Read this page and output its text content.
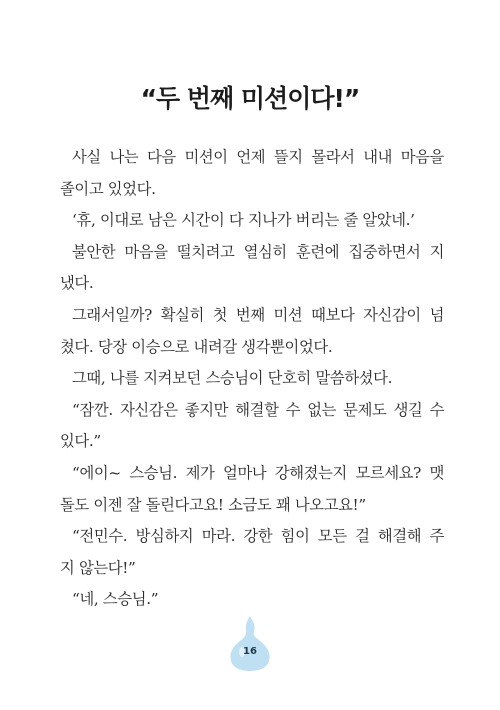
“두 번째 미션이다!”

사실 나는 다음 미션이 언제 뜰지 몰라서 내내 마음을
졸이고 있었다.

‘휴, 이대로 남은 시간이 다 지나가 버리는 줄 알았네.’

불안한 마음을 떨치려고 열심히 훈련에 집중하면서 지
냈다.

그래서일까? 확실히 첫 번째 미션 때보다 자신감이 넘
쳤다. 당장 이승으로 내려갈 생각뿐이었다.

그때, 나를 지켜보던 스승님이 단호히 말씀하셨다.

“잠깐. 자신감은 좋지만 해결할 수 없는 문제도 생길 수
있다.”

“에이~ 스승님. 제가 얼마나 강해졌는지 모르세요? 맷
돌도 이젠 잘 돌린다고요! 소금도 꽤 나오고요!”

“전민수. 방심하지 마라. 강한 힘이 모든 걸 해결해 주
지 않는다!”

“네, 스승님.”

16
